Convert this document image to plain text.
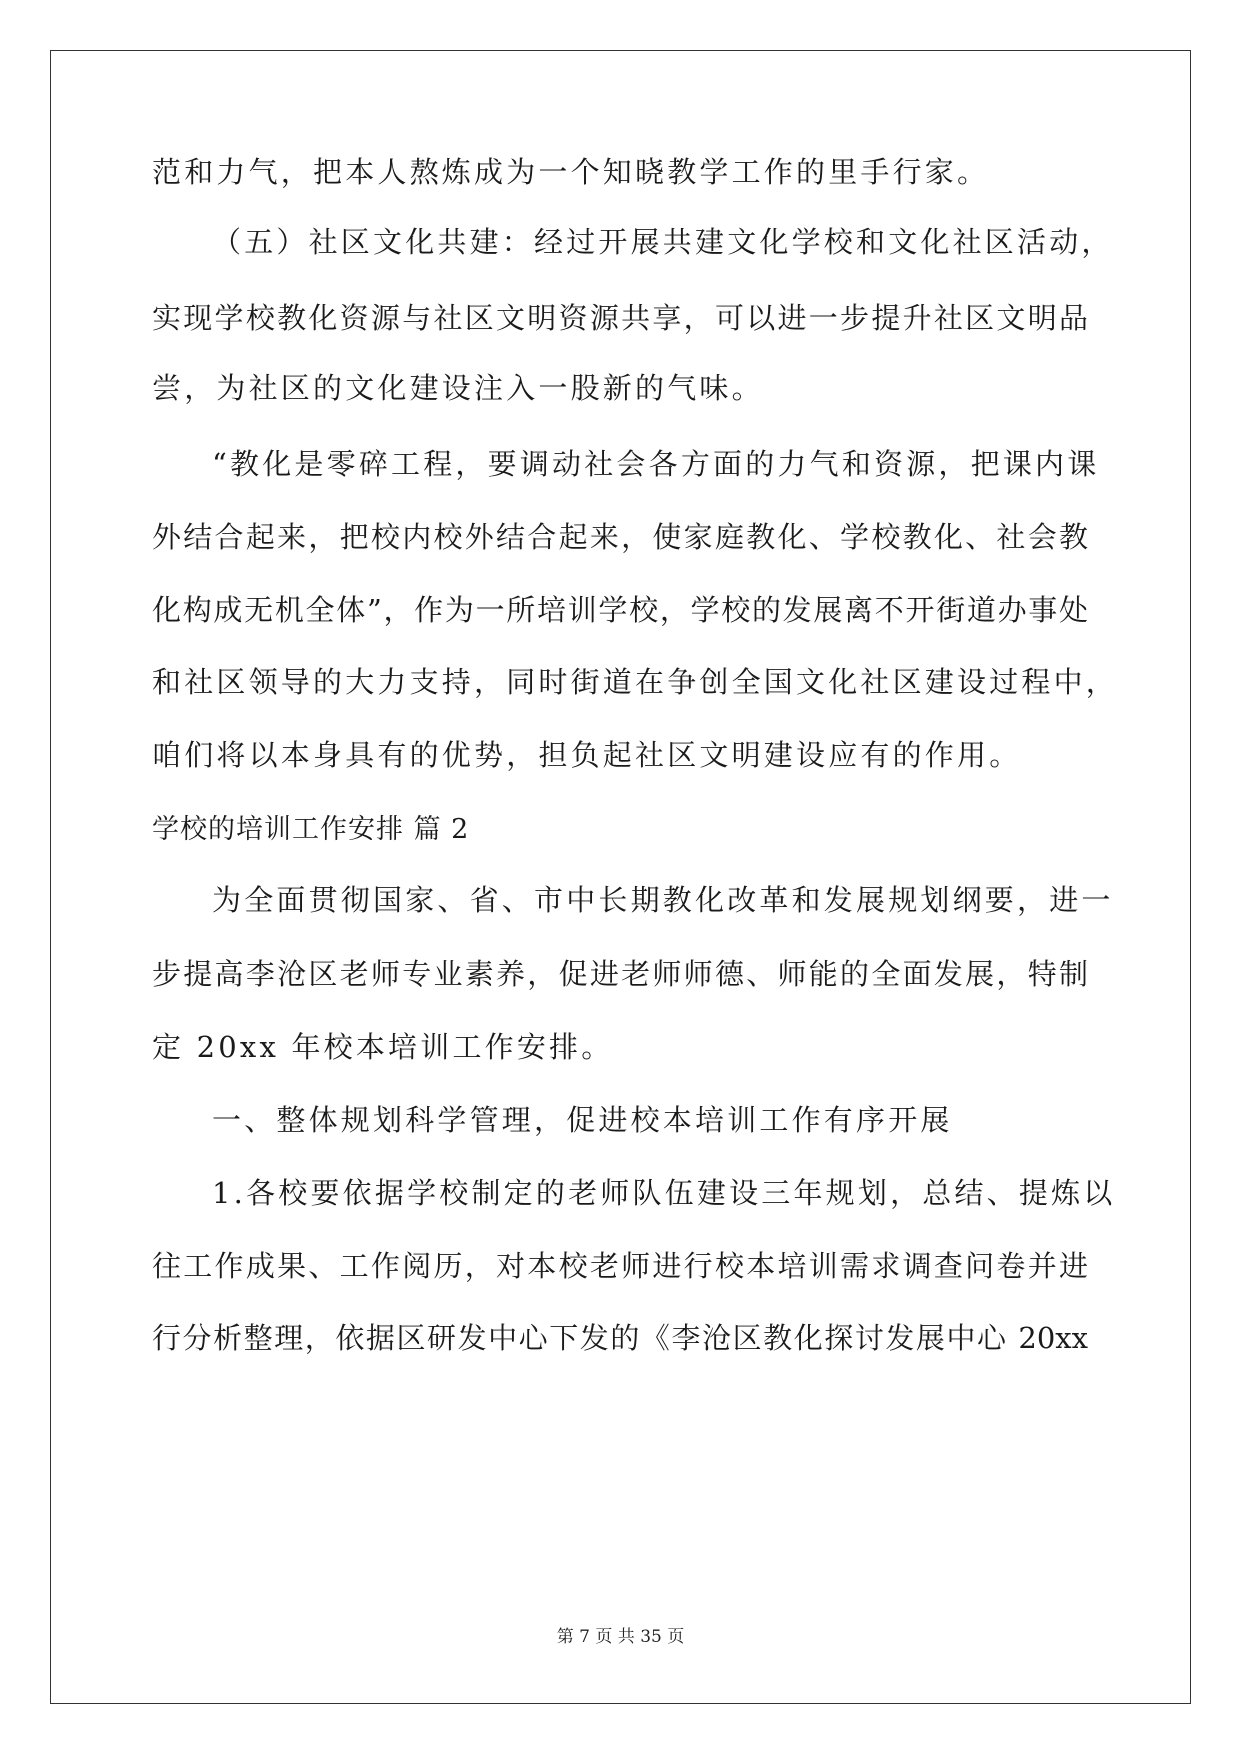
范和力气，把本人熬炼成为一个知晓教学工作的里手行家。
（五）社区文化共建：经过开展共建文化学校和文化社区活动，
实现学校教化资源与社区文明资源共享，可以进一步提升社区文明品
尝，为社区的文化建设注入一股新的气味。
“教化是零碎工程，要调动社会各方面的力气和资源，把课内课
外结合起来，把校内校外结合起来，使家庭教化、学校教化、社会教
化构成无机全体”，作为一所培训学校，学校的发展离不开街道办事处
和社区领导的大力支持，同时街道在争创全国文化社区建设过程中，
咱们将以本身具有的优势，担负起社区文明建设应有的作用。
学校的培训工作安排 篇 2
为全面贯彻国家、省、市中长期教化改革和发展规划纲要，进一
步提高李沧区老师专业素养，促进老师师德、师能的全面发展，特制
定 20xx 年校本培训工作安排。
一、整体规划科学管理，促进校本培训工作有序开展
1.各校要依据学校制定的老师队伍建设三年规划，总结、提炼以
往工作成果、工作阅历，对本校老师进行校本培训需求调查问卷并进
行分析整理，依据区研发中心下发的《李沧区教化探讨发展中心 20xx
第 7 页 共 35 页
